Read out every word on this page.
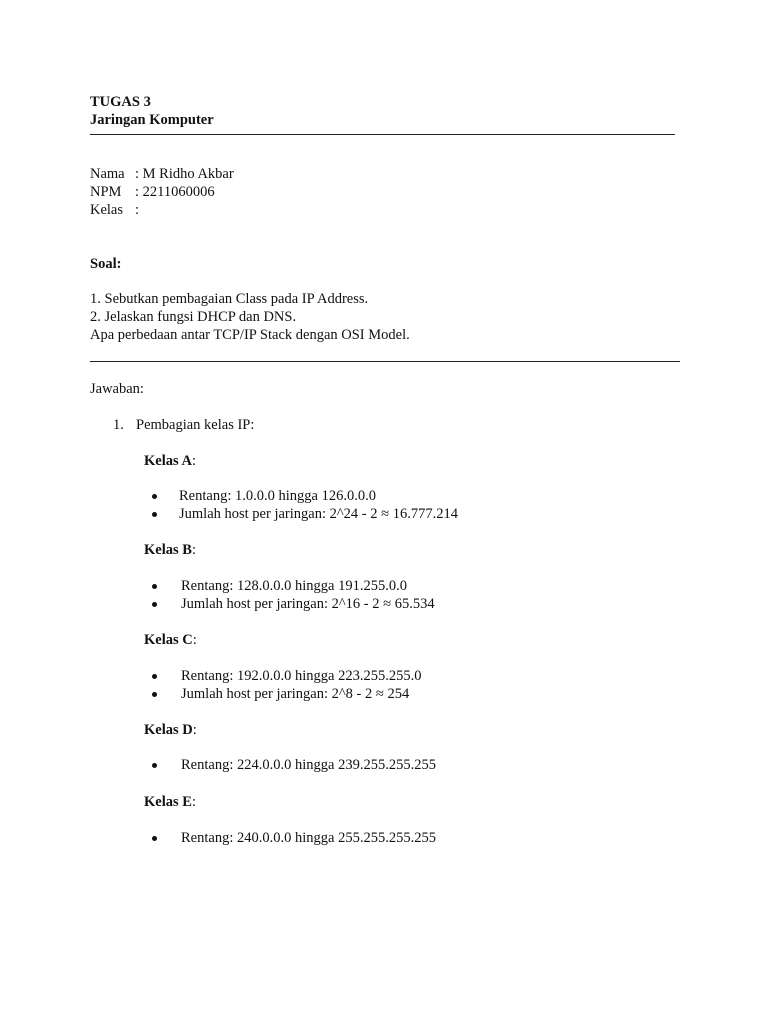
TUGAS 3
Jaringan Komputer
Nama : M Ridho Akbar
NPM : 2211060006
Kelas :
Soal:
1. Sebutkan pembagaian Class pada IP Address.
2. Jelaskan fungsi DHCP dan DNS.
Apa perbedaan antar TCP/IP Stack dengan OSI Model.
Jawaban:
1. Pembagian kelas IP:
Kelas A:
Rentang: 1.0.0.0 hingga 126.0.0.0
Jumlah host per jaringan: 2^24 - 2 ≈ 16.777.214
Kelas B:
Rentang: 128.0.0.0 hingga 191.255.0.0
Jumlah host per jaringan: 2^16 - 2 ≈ 65.534
Kelas C:
Rentang: 192.0.0.0 hingga 223.255.255.0
Jumlah host per jaringan: 2^8 - 2 ≈ 254
Kelas D:
Rentang: 224.0.0.0 hingga 239.255.255.255
Kelas E:
Rentang: 240.0.0.0 hingga 255.255.255.255
